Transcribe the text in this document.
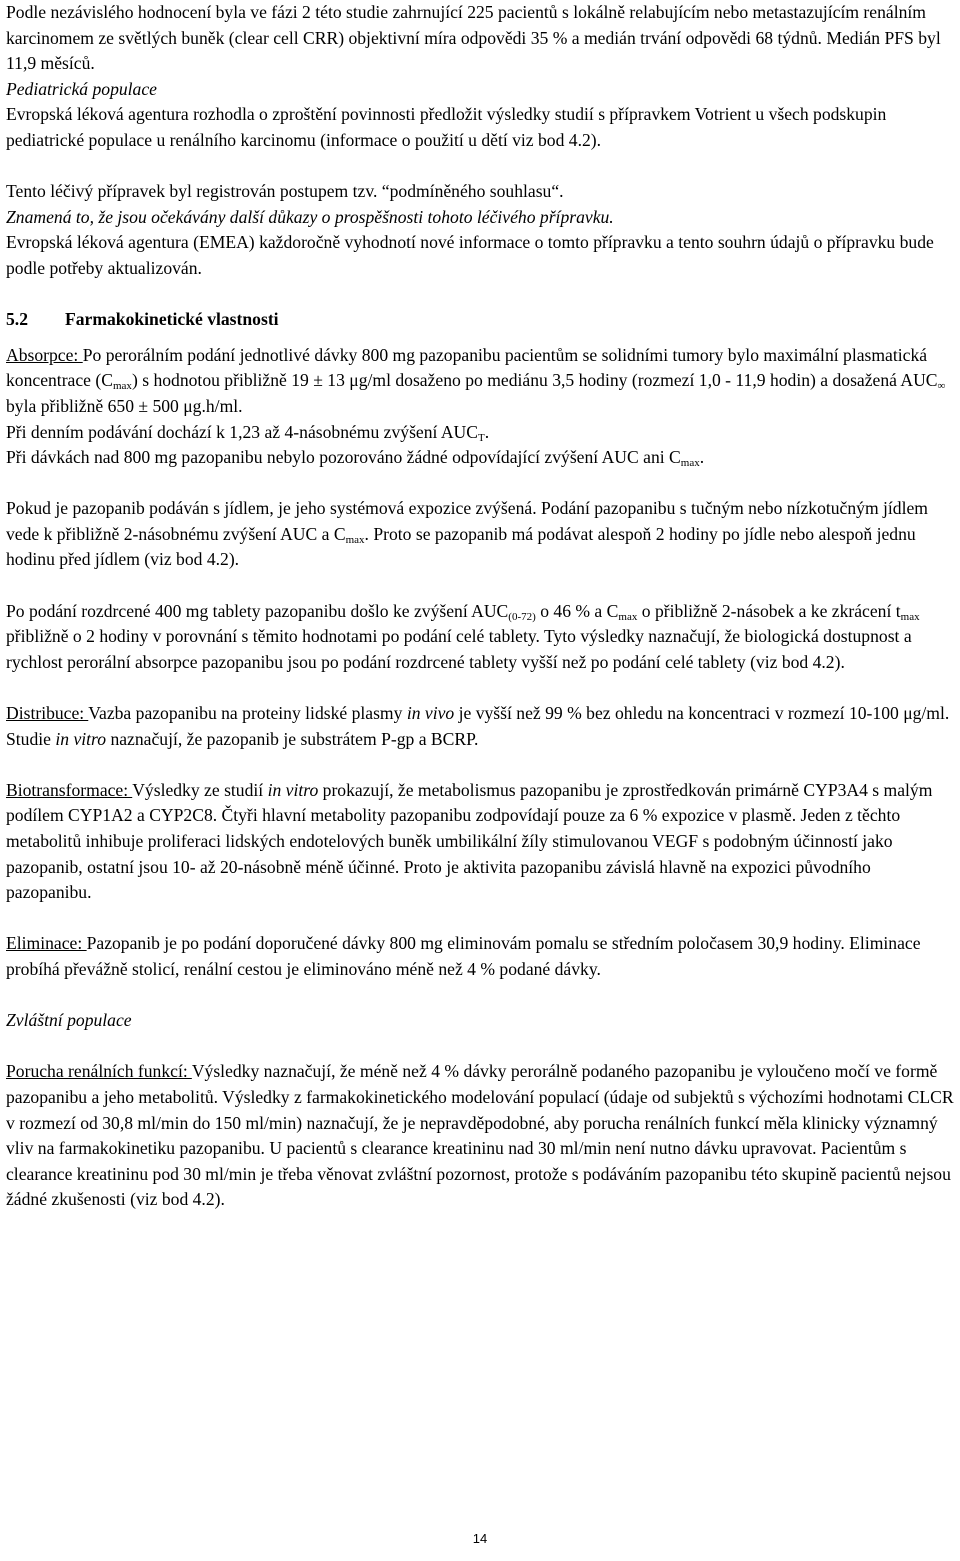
Podle nezávislého hodnocení byla ve fázi 2 této studie zahrnující 225 pacientů s lokálně relabujícím nebo metastazujícím renálním karcinomem ze světlých buněk (clear cell CRR) objektivní míra odpovědi 35 % a medián trvání odpovědi 68 týdnů. Medián PFS byl 11,9 měsíců.

Pediatrická populace

Evropská léková agentura rozhodla o zproštění povinnosti předložit výsledky studií s přípravkem Votrient u všech podskupin pediatrické populace u renálního karcinomu (informace o použití u dětí viz bod 4.2).

Tento léčivý přípravek byl registrován postupem tzv. “podmíněného souhlasu“.

Znamená to, že jsou očekávány další důkazy o prospěšnosti tohoto léčivého přípravku.

Evropská léková agentura (EMEA) každoročně vyhodnotí nové informace o tomto přípravku a tento souhrn údajů o přípravku bude podle potřeby aktualizován.

5.2 Farmakokinetické vlastnosti

Absorpce: Po perorálním podání jednotlivé dávky 800 mg pazopanibu pacientům se solidními tumory bylo maximální plasmatická koncentrace $(C_{max})$ s hodnotou přibližně 19 ± 13 μg/ml dosaženo po mediánu 3,5 hodiny (rozmezí 1,0 - 11,9 hodin) a dosažená $AUC_\infty$ byla přibližně 650 ± 500 μg.h/ml.

Při denním podávání dochází k 1,23 až 4-násobnému zvýšení $AUC_T$.

Při dávkách nad 800 mg pazopanibu nebylo pozorováno žádné odpovídající zvýšení AUC ani $C_{max}$.

Pokud je pazopanib podáván s jídlem, je jeho systémová expozice zvýšená. Podání pazopanibu s tučným nebo nízkotučným jídlem vede k přibližně 2-násobnému zvýšení AUC a $C_{max}$. Proto se pazopanib má podávat alespoň 2 hodiny po jídle nebo alespoň jednu hodinu před jídlem (viz bod 4.2).

Po podání rozdrcené 400 mg tablety pazopanibu došlo ke zvýšení $AUC_{(0-72)}$ o 46 % a $C_{max}$ o přibližně 2-násobek a ke zkrácení $t_{max}$ přibližně o 2 hodiny v porovnání s těmito hodnotami po podání celé tablety. Tyto výsledky naznačují, že biologická dostupnost a rychlost perorální absorpce pazopanibu jsou po podání rozdrcené tablety vyšší než po podání celé tablety (viz bod 4.2).

Distribuce: Vazba pazopanibu na proteiny lidské plasmy in vivo je vyšší než 99 % bez ohledu na koncentraci v rozmezí 10-100 μg/ml. Studie in vitro naznačují, že pazopanib je substrátem P-gp a BCRP.

Biotransformace: Výsledky ze studií in vitro prokazují, že metabolismus pazopanibu je zprostředkován primárně CYP3A4 s malým podílem CYP1A2 a CYP2C8. Čtyři hlavní metabolity pazopanibu zodpovídají pouze za 6 % expozice v plasmě. Jeden z těchto metabolitů inhibuje proliferaci lidských endotelových buněk umbilikální žíly stimulovanou VEGF s podobným účinností jako pazopanib, ostatní jsou 10- až 20-násobně méně účinné. Proto je aktivita pazopanibu závislá hlavně na expozici původního pazopanibu.

Eliminace: Pazopanib je po podání doporučené dávky 800 mg eliminovám pomalu se středním poločasem 30,9 hodiny. Eliminace probíhá převážně stolicí, renální cestou je eliminováno méně než 4 % podané dávky.

Zvláštní populace

Porucha renálních funkcí: Výsledky naznačují, že méně než 4 % dávky perorálně podaného pazopanibu je vyloučeno močí ve formě pazopanibu a jeho metabolitů. Výsledky z farmakokinetického modelování populací (údaje od subjektů s výchozími hodnotami CLCR v rozmezí od 30,8 ml/min do 150 ml/min) naznačují, že je nepravděpodobné, aby porucha renálních funkcí měla klinicky významný vliv na farmakokinetiku pazopanibu. U pacientů s clearance kreatininu nad 30 ml/min není nutno dávku upravovat. Pacientům s clearance kreatininu pod 30 ml/min je třeba věnovat zvláštní pozornost, protože s podáváním pazopanibu této skupině pacientů nejsou žádné zkušenosti (viz bod 4.2).

14
